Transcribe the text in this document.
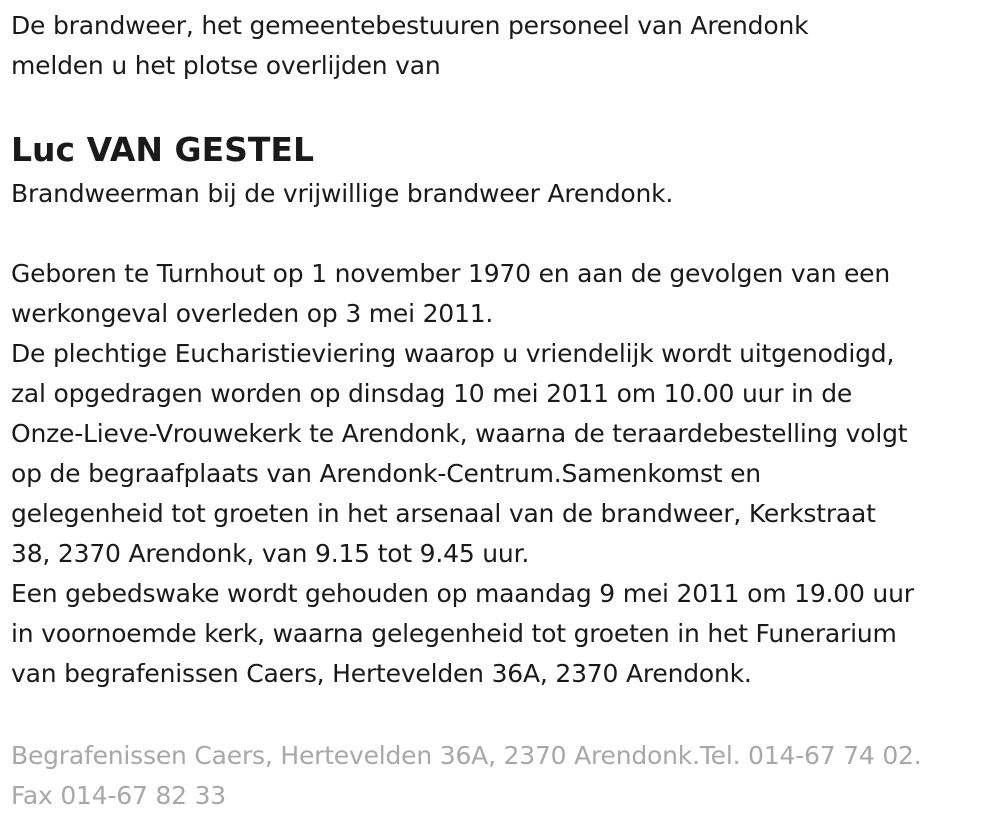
De brandweer, het gemeentebestuuren personeel van Arendonk
melden u het plotse overlijden van
Luc VAN GESTEL
Brandweerman bij de vrijwillige brandweer Arendonk.
Geboren te Turnhout op 1 november 1970 en aan de gevolgen van een
werkongeval overleden op 3 mei 2011.
De plechtige Eucharistieviering waarop u vriendelijk wordt uitgenodigd,
zal opgedragen worden op dinsdag 10 mei 2011 om 10.00 uur in de
Onze-Lieve-Vrouwekerk te Arendonk, waarna de teraardebestelling volgt
op de begraafplaats van Arendonk-Centrum.Samenkomst en
gelegenheid tot groeten in het arsenaal van de brandweer, Kerkstraat
38, 2370 Arendonk, van 9.15 tot 9.45 uur.
Een gebedswake wordt gehouden op maandag 9 mei 2011 om 19.00 uur
in voornoemde kerk, waarna gelegenheid tot groeten in het Funerarium
van begrafenissen Caers, Hertevelden 36A, 2370 Arendonk.
Begrafenissen Caers, Hertevelden 36A, 2370 Arendonk.Tel. 014-67 74 02.
Fax 014-67 82 33
